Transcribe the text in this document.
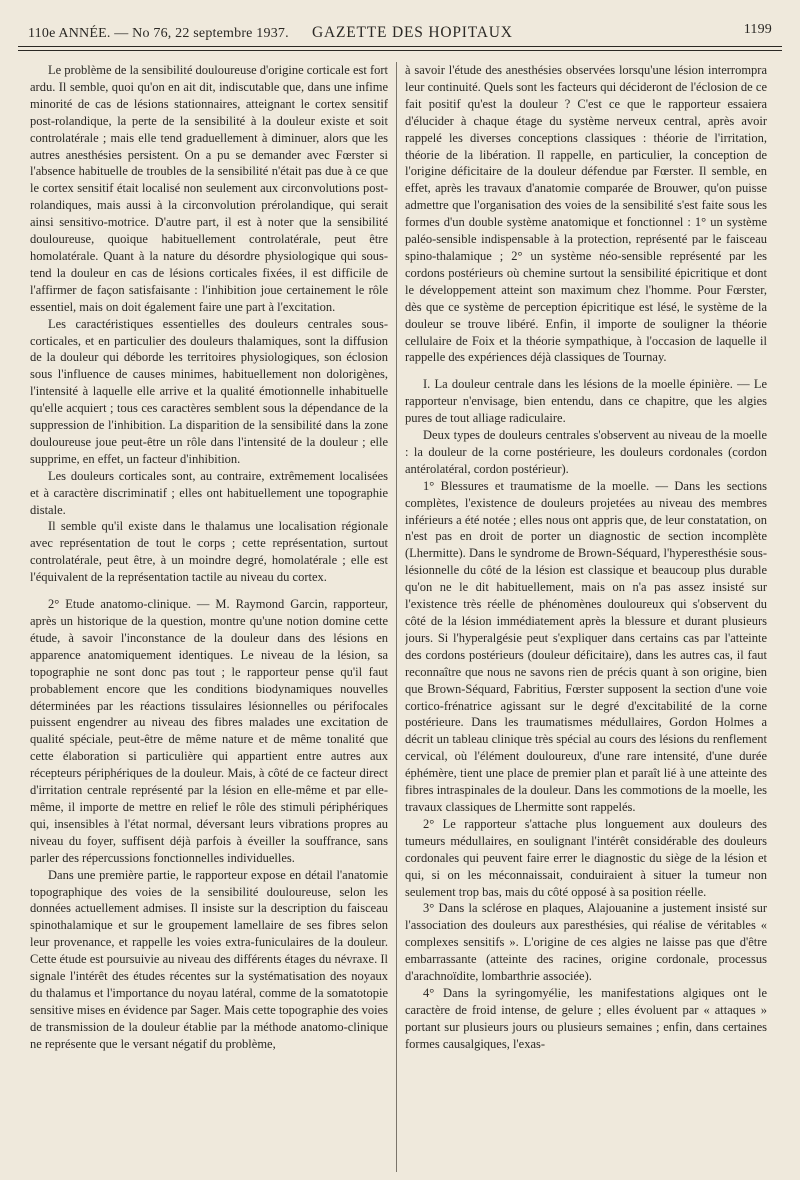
110e ANNÉE. — No 76, 22 septembre 1937. GAZETTE DES HOPITAUX	1199

Le problème de la sensibilité douloureuse d'origine corticale est fort ardu. Il semble, quoi qu'on en ait dit, indiscutable que, dans une infime minorité de cas de lésions stationnaires, atteignant le cortex sensitif post-rolandique, la perte de la sensibilité à la douleur existe et soit controlatérale ; mais elle tend graduellement à diminuer, alors que les autres anesthésies persistent. On a pu se demander avec Fœrster si l'absence habituelle de troubles de la sensibilité n'était pas due à ce que le cortex sensitif était localisé non seulement aux circonvolutions post-rolandiques, mais aussi à la circonvolution prérolandique, qui serait ainsi sensitivo-motrice. D'autre part, il est à noter que la sensibilité douloureuse, quoique habituellement controlatérale, peut être homolatérale. Quant à la nature du désordre physiologique qui sous-tend la douleur en cas de lésions corticales fixées, il est difficile de l'affirmer de façon satisfaisante : l'inhibition joue certainement le rôle essentiel, mais on doit également faire une part à l'excitation.

Les caractéristiques essentielles des douleurs centrales sous-corticales, et en particulier des douleurs thalamiques, sont la diffusion de la douleur qui déborde les territoires physiologiques, son éclosion sous l'influence de causes minimes, habituellement non dolorigènes, l'intensité à laquelle elle arrive et la qualité émotionnelle inhabituelle qu'elle acquiert ; tous ces caractères semblent sous la dépendance de la suppression de l'inhibition. La disparition de la sensibilité dans la zone douloureuse joue peut-être un rôle dans l'intensité de la douleur ; elle supprime, en effet, un facteur d'inhibition.

Les douleurs corticales sont, au contraire, extrêmement localisées et à caractère discriminatif ; elles ont habituellement une topographie distale.

Il semble qu'il existe dans le thalamus une localisation régionale avec représentation de tout le corps ; cette représentation, surtout controlatérale, peut être, à un moindre degré, homolatérale ; elle est l'équivalent de la représentation tactile au niveau du cortex.

2° Etude anatomo-clinique. — M. Raymond Garcin, rapporteur, après un historique de la question, montre qu'une notion domine cette étude, à savoir l'inconstance de la douleur dans des lésions en apparence anatomiquement identiques. Le niveau de la lésion, sa topographie ne sont donc pas tout ; le rapporteur pense qu'il faut probablement encore que les conditions biodynamiques nouvelles déterminées par les réactions tissulaires lésionnelles ou périfocales puissent engendrer au niveau des fibres malades une excitation de qualité spéciale, peut-être de même nature et de même tonalité que cette élaboration si particulière qui appartient entre autres aux récepteurs périphériques de la douleur. Mais, à côté de ce facteur direct d'irritation centrale représenté par la lésion en elle-même et par elle-même, il importe de mettre en relief le rôle des stimuli périphériques qui, insensibles à l'état normal, déversant leurs vibrations propres au niveau du foyer, suffisent déjà parfois à éveiller la souffrance, sans parler des répercussions fonctionnelles individuelles.

Dans une première partie, le rapporteur expose en détail l'anatomie topographique des voies de la sensibilité douloureuse, selon les données actuellement admises. Il insiste sur la description du faisceau spinothalamique et sur le groupement lamellaire de ses fibres selon leur provenance, et rappelle les voies extra-funiculaires de la douleur. Cette étude est poursuivie au niveau des différents étages du névraxe. Il signale l'intérêt des études récentes sur la systématisation des noyaux du thalamus et l'importance du noyau latéral, comme de la somatotopie sensitive mises en évidence par Sager. Mais cette topographie des voies de transmission de la douleur établie par la méthode anatomo-clinique ne représente que le versant négatif du problème,

à savoir l'étude des anesthésies observées lorsqu'une lésion interrompra leur continuité. Quels sont les facteurs qui décideront de l'éclosion de ce fait positif qu'est la douleur ? C'est ce que le rapporteur essaiera d'élucider à chaque étage du système nerveux central, après avoir rappelé les diverses conceptions classiques : théorie de l'irritation, théorie de la libération. Il rappelle, en particulier, la conception de l'origine déficitaire de la douleur défendue par Fœrster. Il semble, en effet, après les travaux d'anatomie comparée de Brouwer, qu'on puisse admettre que l'organisation des voies de la sensibilité s'est faite sous les formes d'un double système anatomique et fonctionnel : 1° un système paléo-sensible indispensable à la protection, représenté par le faisceau spino-thalamique ; 2° un système néo-sensible représenté par les cordons postérieurs où chemine surtout la sensibilité épicritique et dont le développement atteint son maximum chez l'homme. Pour Fœrster, dès que ce système de perception épicritique est lésé, le système de la douleur se trouve libéré. Enfin, il importe de souligner la théorie cellulaire de Foix et la théorie sympathique, à l'occasion de laquelle il rappelle des expériences déjà classiques de Tournay.

I. La douleur centrale dans les lésions de la moelle épinière. — Le rapporteur n'envisage, bien entendu, dans ce chapitre, que les algies pures de tout alliage radiculaire.

Deux types de douleurs centrales s'observent au niveau de la moelle : la douleur de la corne postérieure, les douleurs cordonales (cordon antérolatéral, cordon postérieur).

1° Blessures et traumatisme de la moelle. — Dans les sections complètes, l'existence de douleurs projetées au niveau des membres inférieurs a été notée ; elles nous ont appris que, de leur constatation, on n'est pas en droit de porter un diagnostic de section incomplète (Lhermitte). Dans le syndrome de Brown-Séquard, l'hyperesthésie sous-lésionnelle du côté de la lésion est classique et beaucoup plus durable qu'on ne le dit habituellement, mais on n'a pas assez insisté sur l'existence très réelle de phénomènes douloureux qui s'observent du côté de la lésion immédiatement après la blessure et durant plusieurs jours. Si l'hyperalgésie peut s'expliquer dans certains cas par l'atteinte des cordons postérieurs (douleur déficitaire), dans les autres cas, il faut reconnaître que nous ne savons rien de précis quant à son origine, bien que Brown-Séquard, Fabritius, Fœrster supposent la section d'une voie cortico-frénatrice agissant sur le degré d'excitabilité de la corne postérieure. Dans les traumatismes médullaires, Gordon Holmes a décrit un tableau clinique très spécial au cours des lésions du renflement cervical, où l'élément douloureux, d'une rare intensité, d'une durée éphémère, tient une place de premier plan et paraît lié à une atteinte des fibres intraspinales de la douleur. Dans les commotions de la moelle, les travaux classiques de Lhermitte sont rappelés.

2° Le rapporteur s'attache plus longuement aux douleurs des tumeurs médullaires, en soulignant l'intérêt considérable des douleurs cordonales qui peuvent faire errer le diagnostic du siège de la lésion et qui, si on les méconnaissait, conduiraient à situer la tumeur non seulement trop bas, mais du côté opposé à sa position réelle.

3° Dans la sclérose en plaques, Alajouanine a justement insisté sur l'association des douleurs aux paresthésies, qui réalise de véritables « complexes sensitifs ». L'origine de ces algies ne laisse pas que d'être embarrassante (atteinte des racines, origine cordonale, processus d'arachnoïdite, lombarthrie associée).

4° Dans la syringomyélie, les manifestations algiques ont le caractère de froid intense, de gelure ; elles évoluent par « attaques » portant sur plusieurs jours ou plusieurs semaines ; enfin, dans certaines formes causalgiques, l'exas-
